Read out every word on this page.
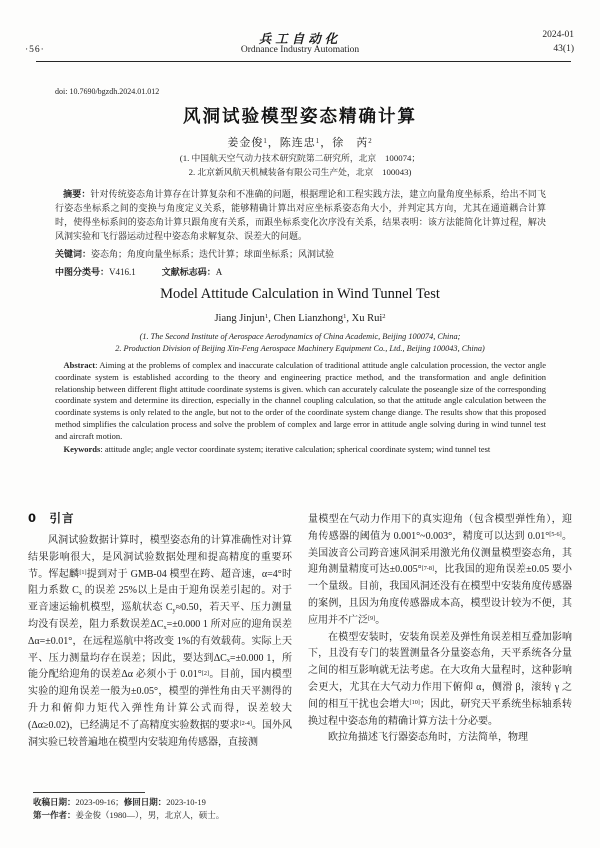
·56·
兵工自动化
Ordnance Industry Automation
2024-01
43(1)
doi: 10.7690/bgzdh.2024.01.012
风洞试验模型姿态精确计算
姜金俊$^1$，陈连忠$^1$，徐　芮$^2$
(1. 中国航天空气动力技术研究院第二研究所，北京　100074；
2. 北京新风航天机械装备有限公司生产处，北京　100043)

摘要：针对传统姿态角计算存在计算复杂和不准确的问题，根据理论和工程实践方法，建立向量角度坐标系，给出不同飞行姿态坐标系之间的变换与角度定义关系，能够精确计算出对应坐标系姿态角大小，并判定其方向，尤其在通道耦合计算时，使得坐标系间的姿态角计算只跟角度有关系，而跟坐标系变化次序没有关系，结果表明：该方法能简化计算过程，解决风洞实验和飞行器运动过程中姿态角求解复杂、误差大的问题。

关键词：姿态角；角度向量坐标系；迭代计算；球面坐标系；风洞试验

中图分类号：V416.1	文献标志码：A

Model Attitude Calculation in Wind Tunnel Test
Jiang Jinjun$^1$, Chen Lianzhong$^1$, Xu Rui$^2$
(1. The Second Institute of Aerospace Aerodynamics of China Academic, Beijing 100074, China;
2. Production Division of Beijing Xin-Feng Aerospace Machinery Equipment Co., Ltd., Beijing 100043, China)

Abstract: Aiming at the problems of complex and inaccurate calculation of traditional attitude angle calculation procession, the vector angle coordinate system is established according to the theory and engineering practice method, and the transformation and angle definition relationship between different flight attitude coordinate systems is given. which can accurately calculate the poseangle size of the corresponding coordinate system and determine its direction, especially in the channel coupling calculation, so that the attitude angle calculation between the coordinate systems is only related to the angle, but not to the order of the coordinate system change diange. The results show that this proposed method simplifies the calculation process and solve the problem of complex and large error in attitude angle solving during in wind tunnel test and aircraft motion.

Keywords: attitude angle; angle vector coordinate system; iterative calculation; spherical coordinate system; wind tunnel test

0　引言

风洞试验数据计算时，模型姿态角的计算准确性对计算结果影响很大，是风洞试验数据处理和提高精度的重要环节。恽起麟[1]提到对于 GMB-04 模型在跨、超音速，α=4°时阻力系数 $C_x$ 的误差 25%以上是由于迎角误差引起的。对于亚音速运输机模型，巡航状态 $C_y\approx 0.50$，若天平、压力测量均没有误差，阻力系数误差$\Delta C_x=\pm 0.000$ 1 所对应的迎角误差Δα=±0.01°，在远程巡航中将改变 1%的有效载荷。实际上天平、压力测量均存在误差；因此，要达到$\Delta C_x=\pm 0.000$ 1，所能分配给迎角的误差Δα 必须小于 0.01°[2]。目前，国内模型实验的迎角误差一般为±0.05°，模型的弹性角由天平测得的升力和俯仰力矩代入弹性角计算公式而得，误差较大(Δα≥0.02)，已经满足不了高精度实验数据的要求[2-4]。国外风洞实验已较普遍地在模型内安装迎角传感器，直接测

量模型在气动力作用下的真实迎角（包含模型弹性角），迎角传感器的阈值为 0.001°~0.003°，精度可以达到 0.01°[5-6]。美国波音公司跨音速风洞采用激光角仪测量模型姿态角，其迎角测量精度可达±0.005°[7-8]，比我国的迎角误差±0.05 要小一个量级。目前，我国风洞还没有在模型中安装角度传感器的案例，且因为角度传感器成本高，模型设计较为不便，其应用并不广泛[9]。

在模型安装时，安装角误差及弹性角误差相互叠加影响下，且没有专门的装置测量各分量姿态角，天平系统各分量之间的相互影响就无法考虑。在大攻角大量程时，这种影响会更大，尤其在大气动力作用下俯仰 α，侧滑 β，滚转 γ 之间的相互干扰也会增大[10]；因此，研究天平系统坐标轴系转换过程中姿态角的精确计算方法十分必要。

欧拉角描述飞行器姿态角时，方法简单，物理

收稿日期：2023-09-16；修回日期：2023-10-19

第一作者：姜金俊（1980—），男，北京人，硕士。
